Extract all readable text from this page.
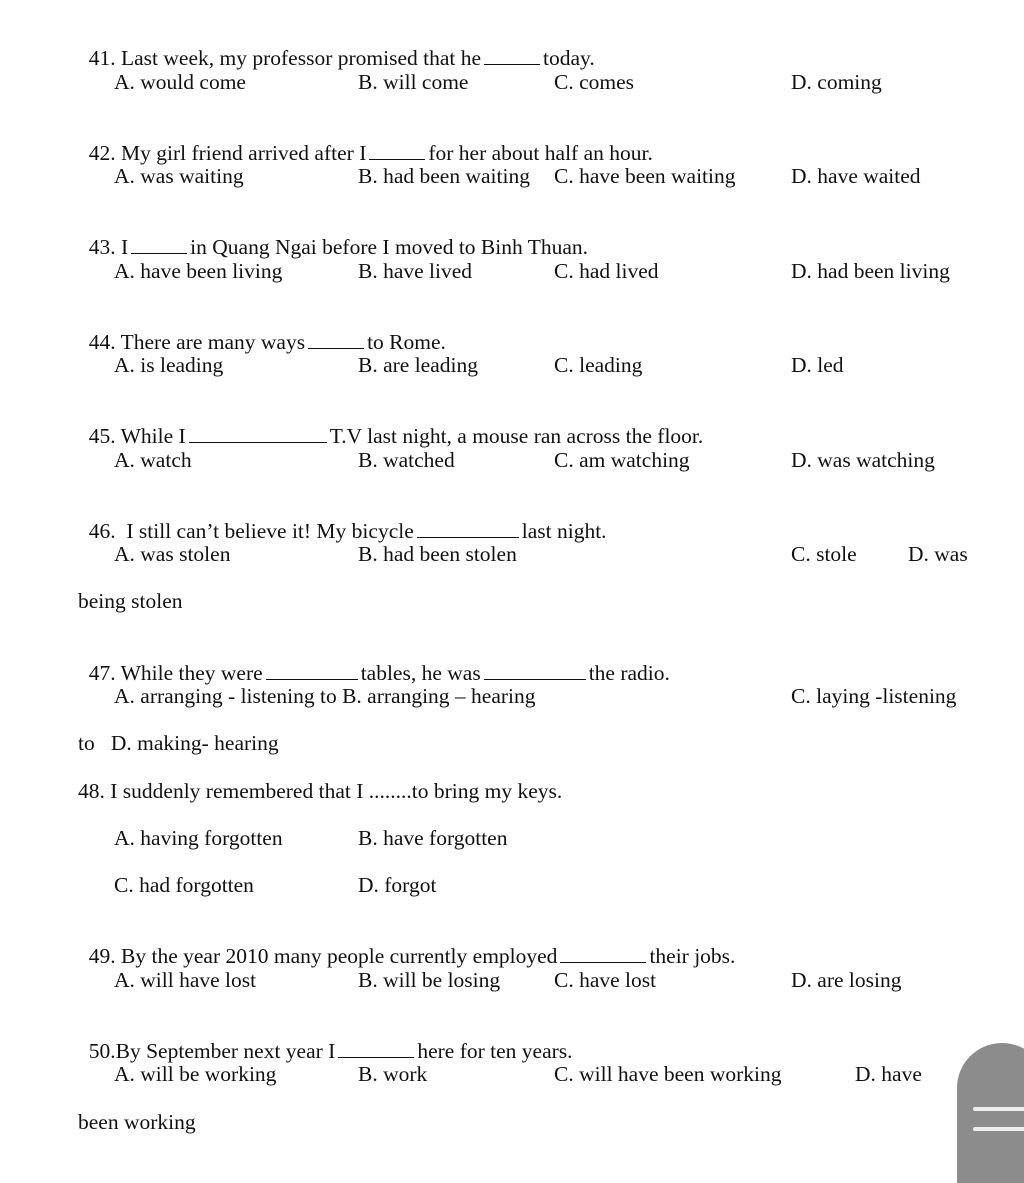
41. Last week, my professor promised that he	today.

A. would come	B. will come	C. comes	D. coming

42. My girl friend arrived after I	for her about half an hour.

A. was waiting	B. had been waiting C. have been waiting	D. have waited

43. I	in Quang Ngai before I moved to Binh Thuan.

A. have been living	B. have lived	C. had lived	D. had been living

44. There are many ways	to Rome.

A. is leading	B. are leading	C. leading	D. led

45. While I	T.V last night, a mouse ran across the floor.

A. watch	B. watched	C. am watching	D. was watching

46.  I still can’t believe it! My bicycle	last night.

A. was stolen	B. had been stolen	C. stole D. was
being stolen

47. While they were	tables, he was	the radio.

A. arranging - listening to B. arranging – hearing	C. laying -listening
to   D. making- hearing
48. I suddenly remembered that I ........to bring my keys.
A. having forgotten	B. have forgotten
C. had forgotten	D. forgot

49. By the year 2010 many people currently employed	their jobs.

A. will have lost	B. will be losing	C. have lost	D. are losing

50.By September next year I	here for ten years.

A. will be working	B. work	C. will have been working	D. have
been working
